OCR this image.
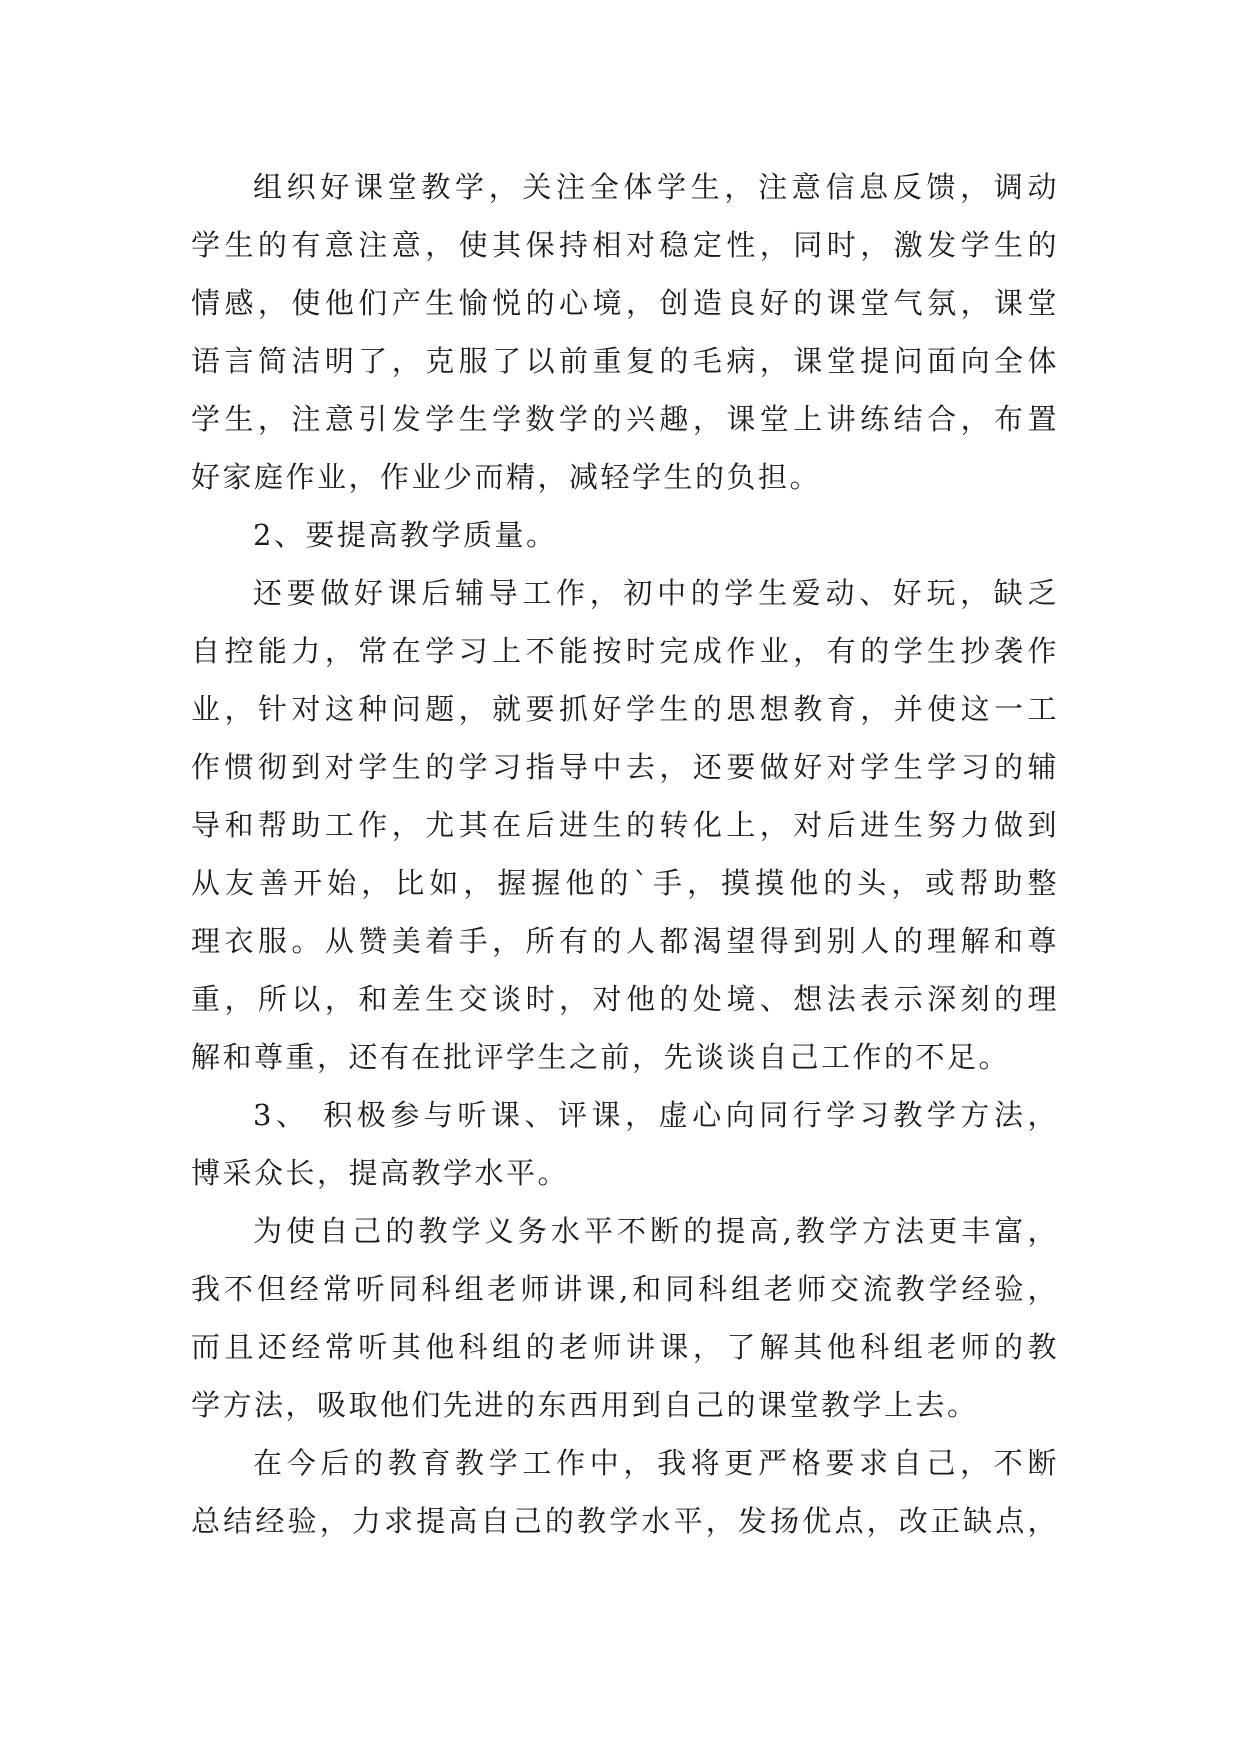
组织好课堂教学，关注全体学生，注意信息反馈，调动
学生的有意注意，使其保持相对稳定性，同时，激发学生的
情感，使他们产生愉悦的心境，创造良好的课堂气氛，课堂
语言简洁明了，克服了以前重复的毛病，课堂提问面向全体
学生，注意引发学生学数学的兴趣，课堂上讲练结合，布置
好家庭作业，作业少而精，减轻学生的负担。

2、要提高教学质量。

还要做好课后辅导工作，初中的学生爱动、好玩，缺乏
自控能力，常在学习上不能按时完成作业，有的学生抄袭作
业，针对这种问题，就要抓好学生的思想教育，并使这一工
作惯彻到对学生的学习指导中去，还要做好对学生学习的辅
导和帮助工作，尤其在后进生的转化上，对后进生努力做到
从友善开始，比如，握握他的`手，摸摸他的头，或帮助整
理衣服。从赞美着手，所有的人都渴望得到别人的理解和尊
重，所以，和差生交谈时，对他的处境、想法表示深刻的理
解和尊重，还有在批评学生之前，先谈谈自己工作的不足。

3、 积极参与听课、评课，虚心向同行学习教学方法，
博采众长，提高教学水平。

为使自己的教学义务水平不断的提高,教学方法更丰富，
我不但经常听同科组老师讲课,和同科组老师交流教学经验，
而且还经常听其他科组的老师讲课，了解其他科组老师的教
学方法，吸取他们先进的东西用到自己的课堂教学上去。

在今后的教育教学工作中，我将更严格要求自己，不断
总结经验，力求提高自己的教学水平，发扬优点，改正缺点，
